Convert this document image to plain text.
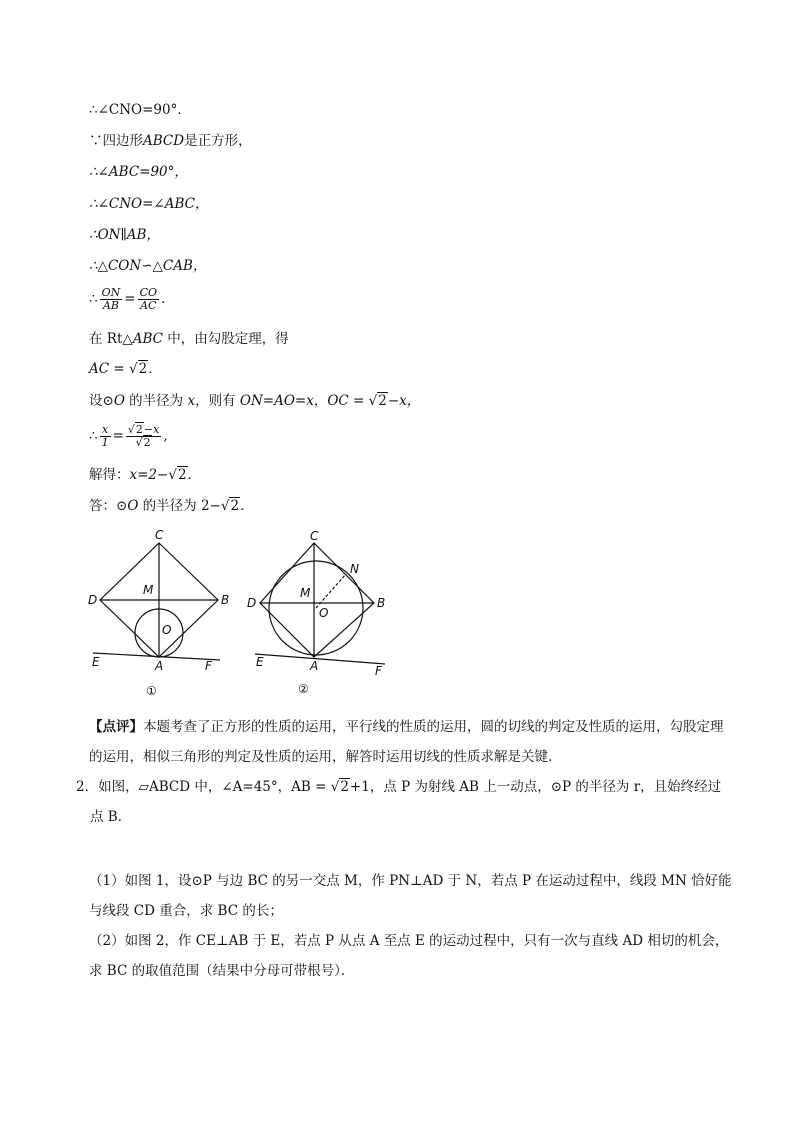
∴∠CNO=90°．
∵四边形ABCD是正方形，
∴∠ABC=90°，
∴∠CNO=∠ABC，
∴ON∥AB，
∴△CON∽△CAB，
∴ $\frac{ON}{AB} = \frac{CO}{AC}$ .
在 Rt△ABC 中，由勾股定理，得
AC = √2．
设⊙O 的半径为 x，则有 ON=AO=x，OC = √2−x，
∴ $\frac{x}{1} = \frac{√2-x}{√2}$ ,
解得：x=2−√2．
答：⊙O 的半径为 2−√2．
C
D	B
M
O
A
E	F
①
C
N
D
M
O
B
A
E
F
②
【点评】本题考查了正方形的性质的运用，平行线的性质的运用，圆的切线的判定及性质的运用，勾股定理的运用，相似三角形的判定及性质的运用，解答时运用切线的性质求解是关键．
2．如图，▱ABCD 中，∠A=45°，AB = √2+1，点 P 为射线 AB 上一动点，⊙P 的半径为 r，且始终经过
点 B．
（1）如图 1，设⊙P 与边 BC 的另一交点 M，作 PN⊥AD 于 N，若点 P 在运动过程中，线段 MN 恰好能与线段 CD 重合，求 BC 的长；
（2）如图 2，作 CE⊥AB 于 E，若点 P 从点 A 至点 E 的运动过程中，只有一次与直线 AD 相切的机会，求 BC 的取值范围（结果中分母可带根号）．
